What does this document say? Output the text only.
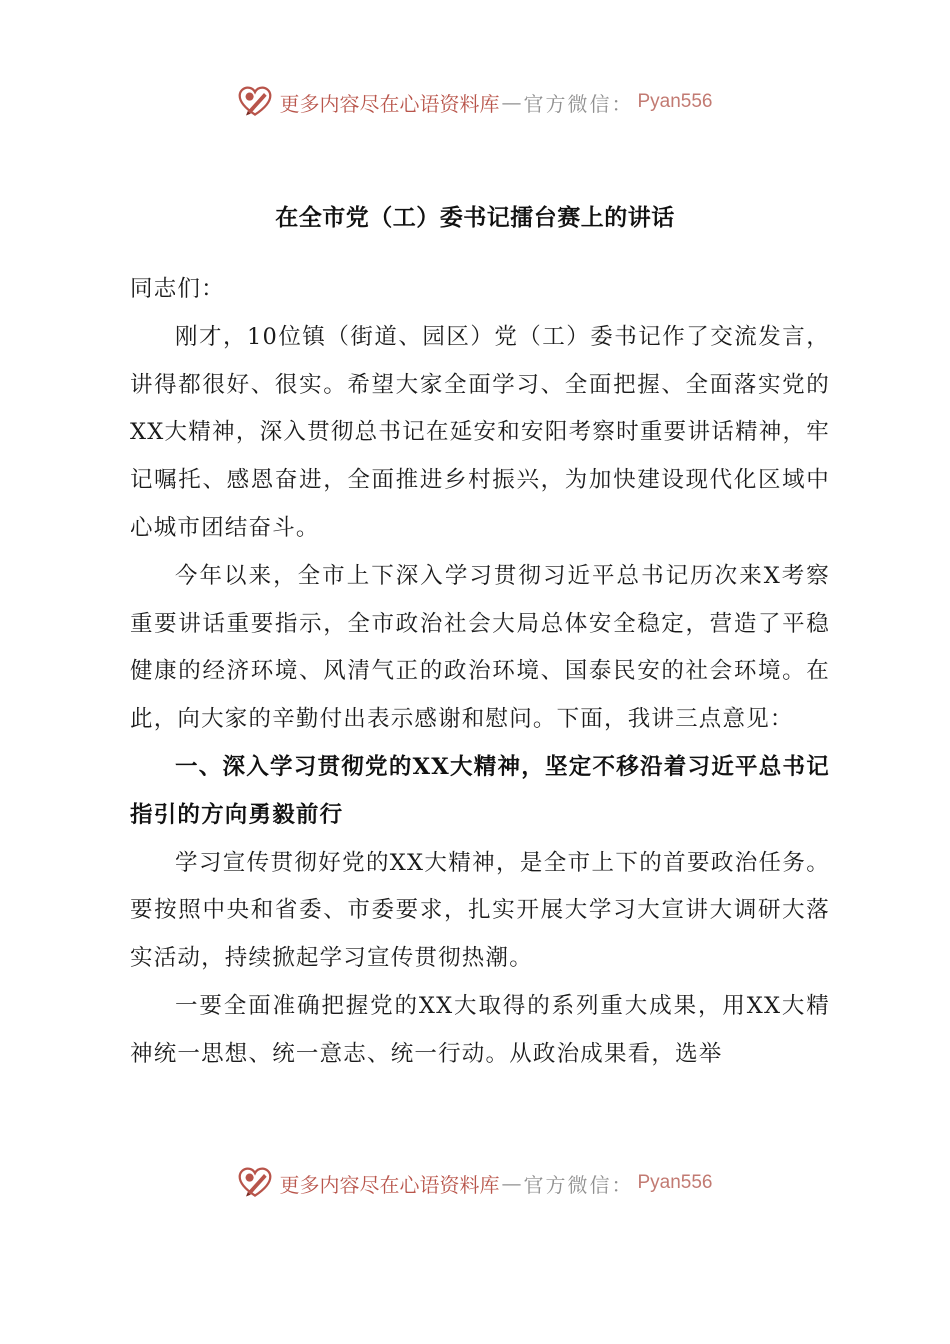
更多内容尽在心语资料库 — 官方微信： Pyan556
在全市党（工）委书记擂台赛上的讲话

同志们：

刚才，10位镇（街道、园区）党（工）委书记作了交流发言，讲得都很好、很实。希望大家全面学习、全面把握、全面落实党的XX大精神，深入贯彻总书记在延安和安阳考察时重要讲话精神，牢记嘱托、感恩奋进，全面推进乡村振兴，为加快建设现代化区域中心城市团结奋斗。

今年以来，全市上下深入学习贯彻习近平总书记历次来X考察重要讲话重要指示，全市政治社会大局总体安全稳定，营造了平稳健康的经济环境、风清气正的政治环境、国泰民安的社会环境。在此，向大家的辛勤付出表示感谢和慰问。下面，我讲三点意见：

一、深入学习贯彻党的XX大精神，坚定不移沿着习近平总书记指引的方向勇毅前行

学习宣传贯彻好党的XX大精神，是全市上下的首要政治任务。要按照中央和省委、市委要求，扎实开展大学习大宣讲大调研大落实活动，持续掀起学习宣传贯彻热潮。

一要全面准确把握党的XX大取得的系列重大成果，用XX大精神统一思想、统一意志、统一行动。从政治成果看，选举

更多内容尽在心语资料库 — 官方微信： Pyan556
